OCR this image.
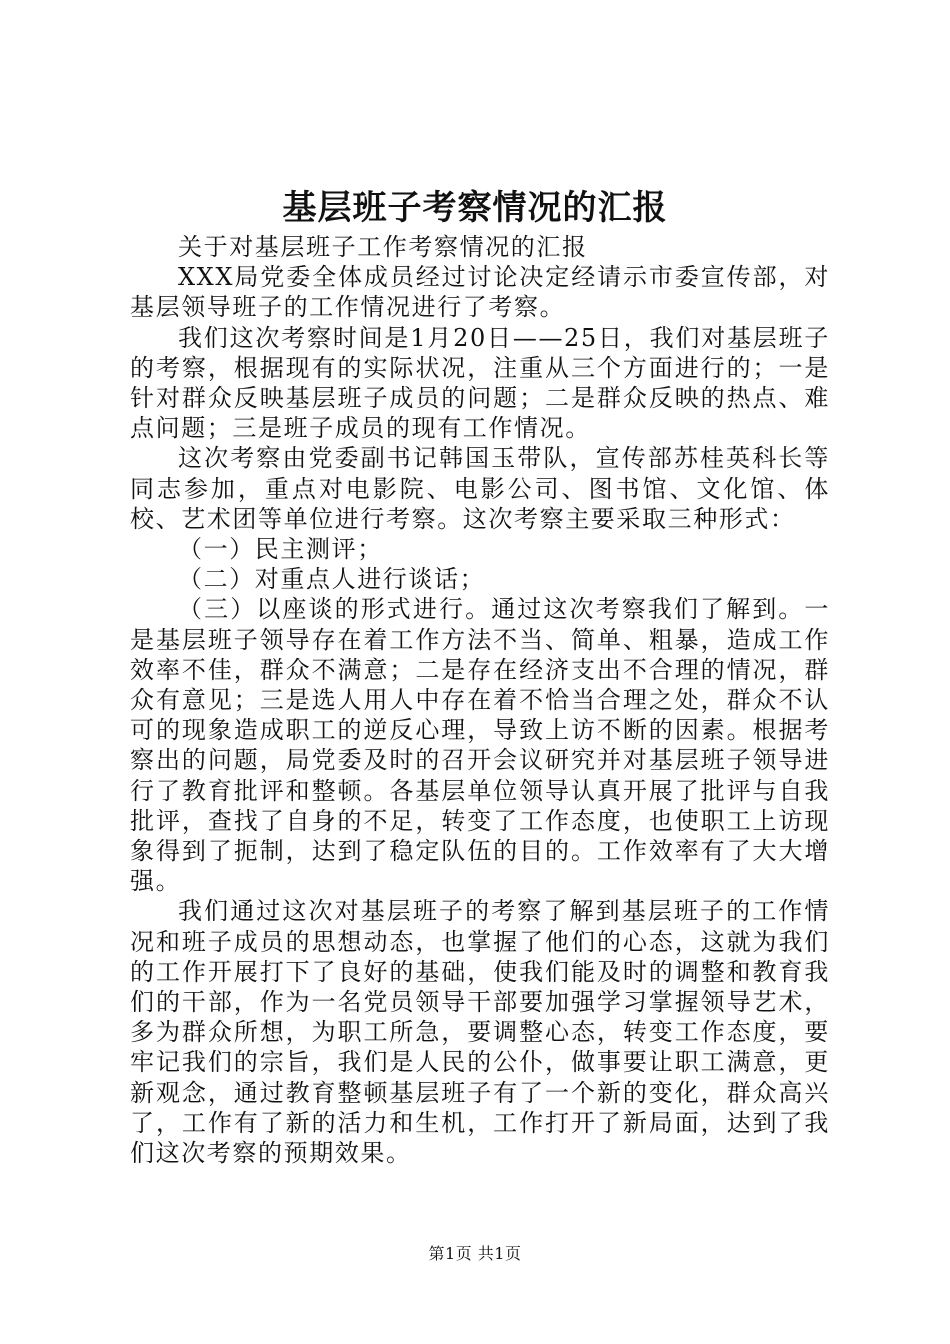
基层班子考察情况的汇报

关于对基层班子工作考察情况的汇报

XXX局党委全体成员经过讨论决定经请示市委宣传部，对基层领导班子的工作情况进行了考察。

我们这次考察时间是1月20日——25日，我们对基层班子的考察，根据现有的实际状况，注重从三个方面进行的；一是针对群众反映基层班子成员的问题；二是群众反映的热点、难点问题；三是班子成员的现有工作情况。

这次考察由党委副书记韩国玉带队，宣传部苏桂英科长等同志参加，重点对电影院、电影公司、图书馆、文化馆、体校、艺术团等单位进行考察。这次考察主要采取三种形式：

（一）民主测评；

（二）对重点人进行谈话；

（三）以座谈的形式进行。通过这次考察我们了解到。一是基层班子领导存在着工作方法不当、简单、粗暴，造成工作效率不佳，群众不满意；二是存在经济支出不合理的情况，群众有意见；三是选人用人中存在着不恰当合理之处，群众不认可的现象造成职工的逆反心理，导致上访不断的因素。根据考察出的问题，局党委及时的召开会议研究并对基层班子领导进行了教育批评和整顿。各基层单位领导认真开展了批评与自我批评，查找了自身的不足，转变了工作态度，也使职工上访现象得到了扼制，达到了稳定队伍的目的。工作效率有了大大增强。

我们通过这次对基层班子的考察了解到基层班子的工作情况和班子成员的思想动态，也掌握了他们的心态，这就为我们的工作开展打下了良好的基础，使我们能及时的调整和教育我们的干部，作为一名党员领导干部要加强学习掌握领导艺术，多为群众所想，为职工所急，要调整心态，转变工作态度，要牢记我们的宗旨，我们是人民的公仆，做事要让职工满意，更新观念，通过教育整顿基层班子有了一个新的变化，群众高兴了，工作有了新的活力和生机，工作打开了新局面，达到了我们这次考察的预期效果。

第1页 共1页
